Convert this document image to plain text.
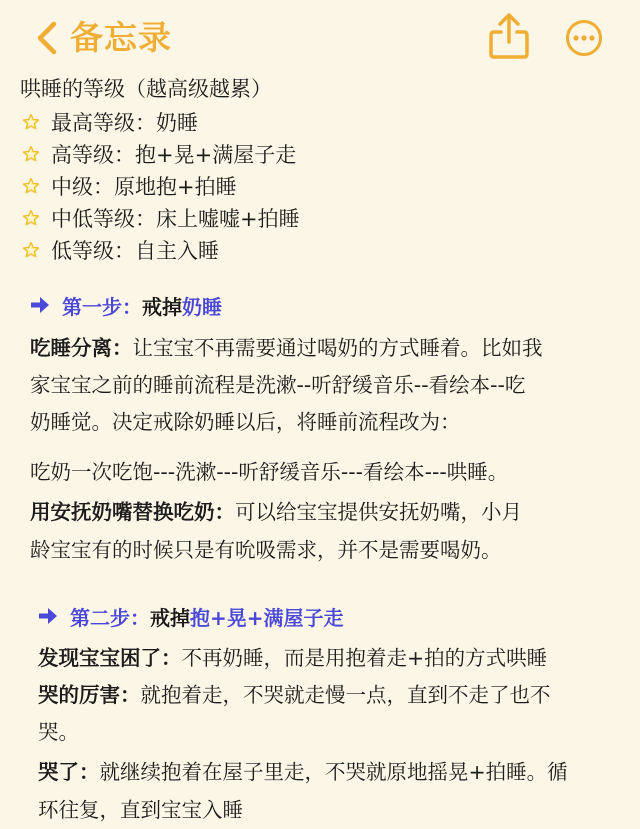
备忘录
哄睡的等级（越高级越累）
最高等级：奶睡
高等级：抱+晃+满屋子走
中级：原地抱+拍睡
中低等级：床上嘘嘘+拍睡
低等级：自主入睡
第一步： 戒掉 奶睡
吃睡分离：让宝宝不再需要通过喝奶的方式睡着。比如我
家宝宝之前的睡前流程是洗漱--听舒缓音乐--看绘本--吃
奶睡觉。决定戒除奶睡以后，将睡前流程改为：
吃奶一次吃饱---洗漱---听舒缓音乐---看绘本---哄睡。
用安抚奶嘴替换吃奶：可以给宝宝提供安抚奶嘴，小月
龄宝宝有的时候只是有吮吸需求，并不是需要喝奶。
第二步： 戒掉 抱+晃+满屋子走
发现宝宝困了：不再奶睡，而是用抱着走+拍的方式哄睡
哭的厉害：就抱着走，不哭就走慢一点，直到不走了也不
哭。
哭了：就继续抱着在屋子里走，不哭就原地摇晃+拍睡。循
环往复，直到宝宝入睡
